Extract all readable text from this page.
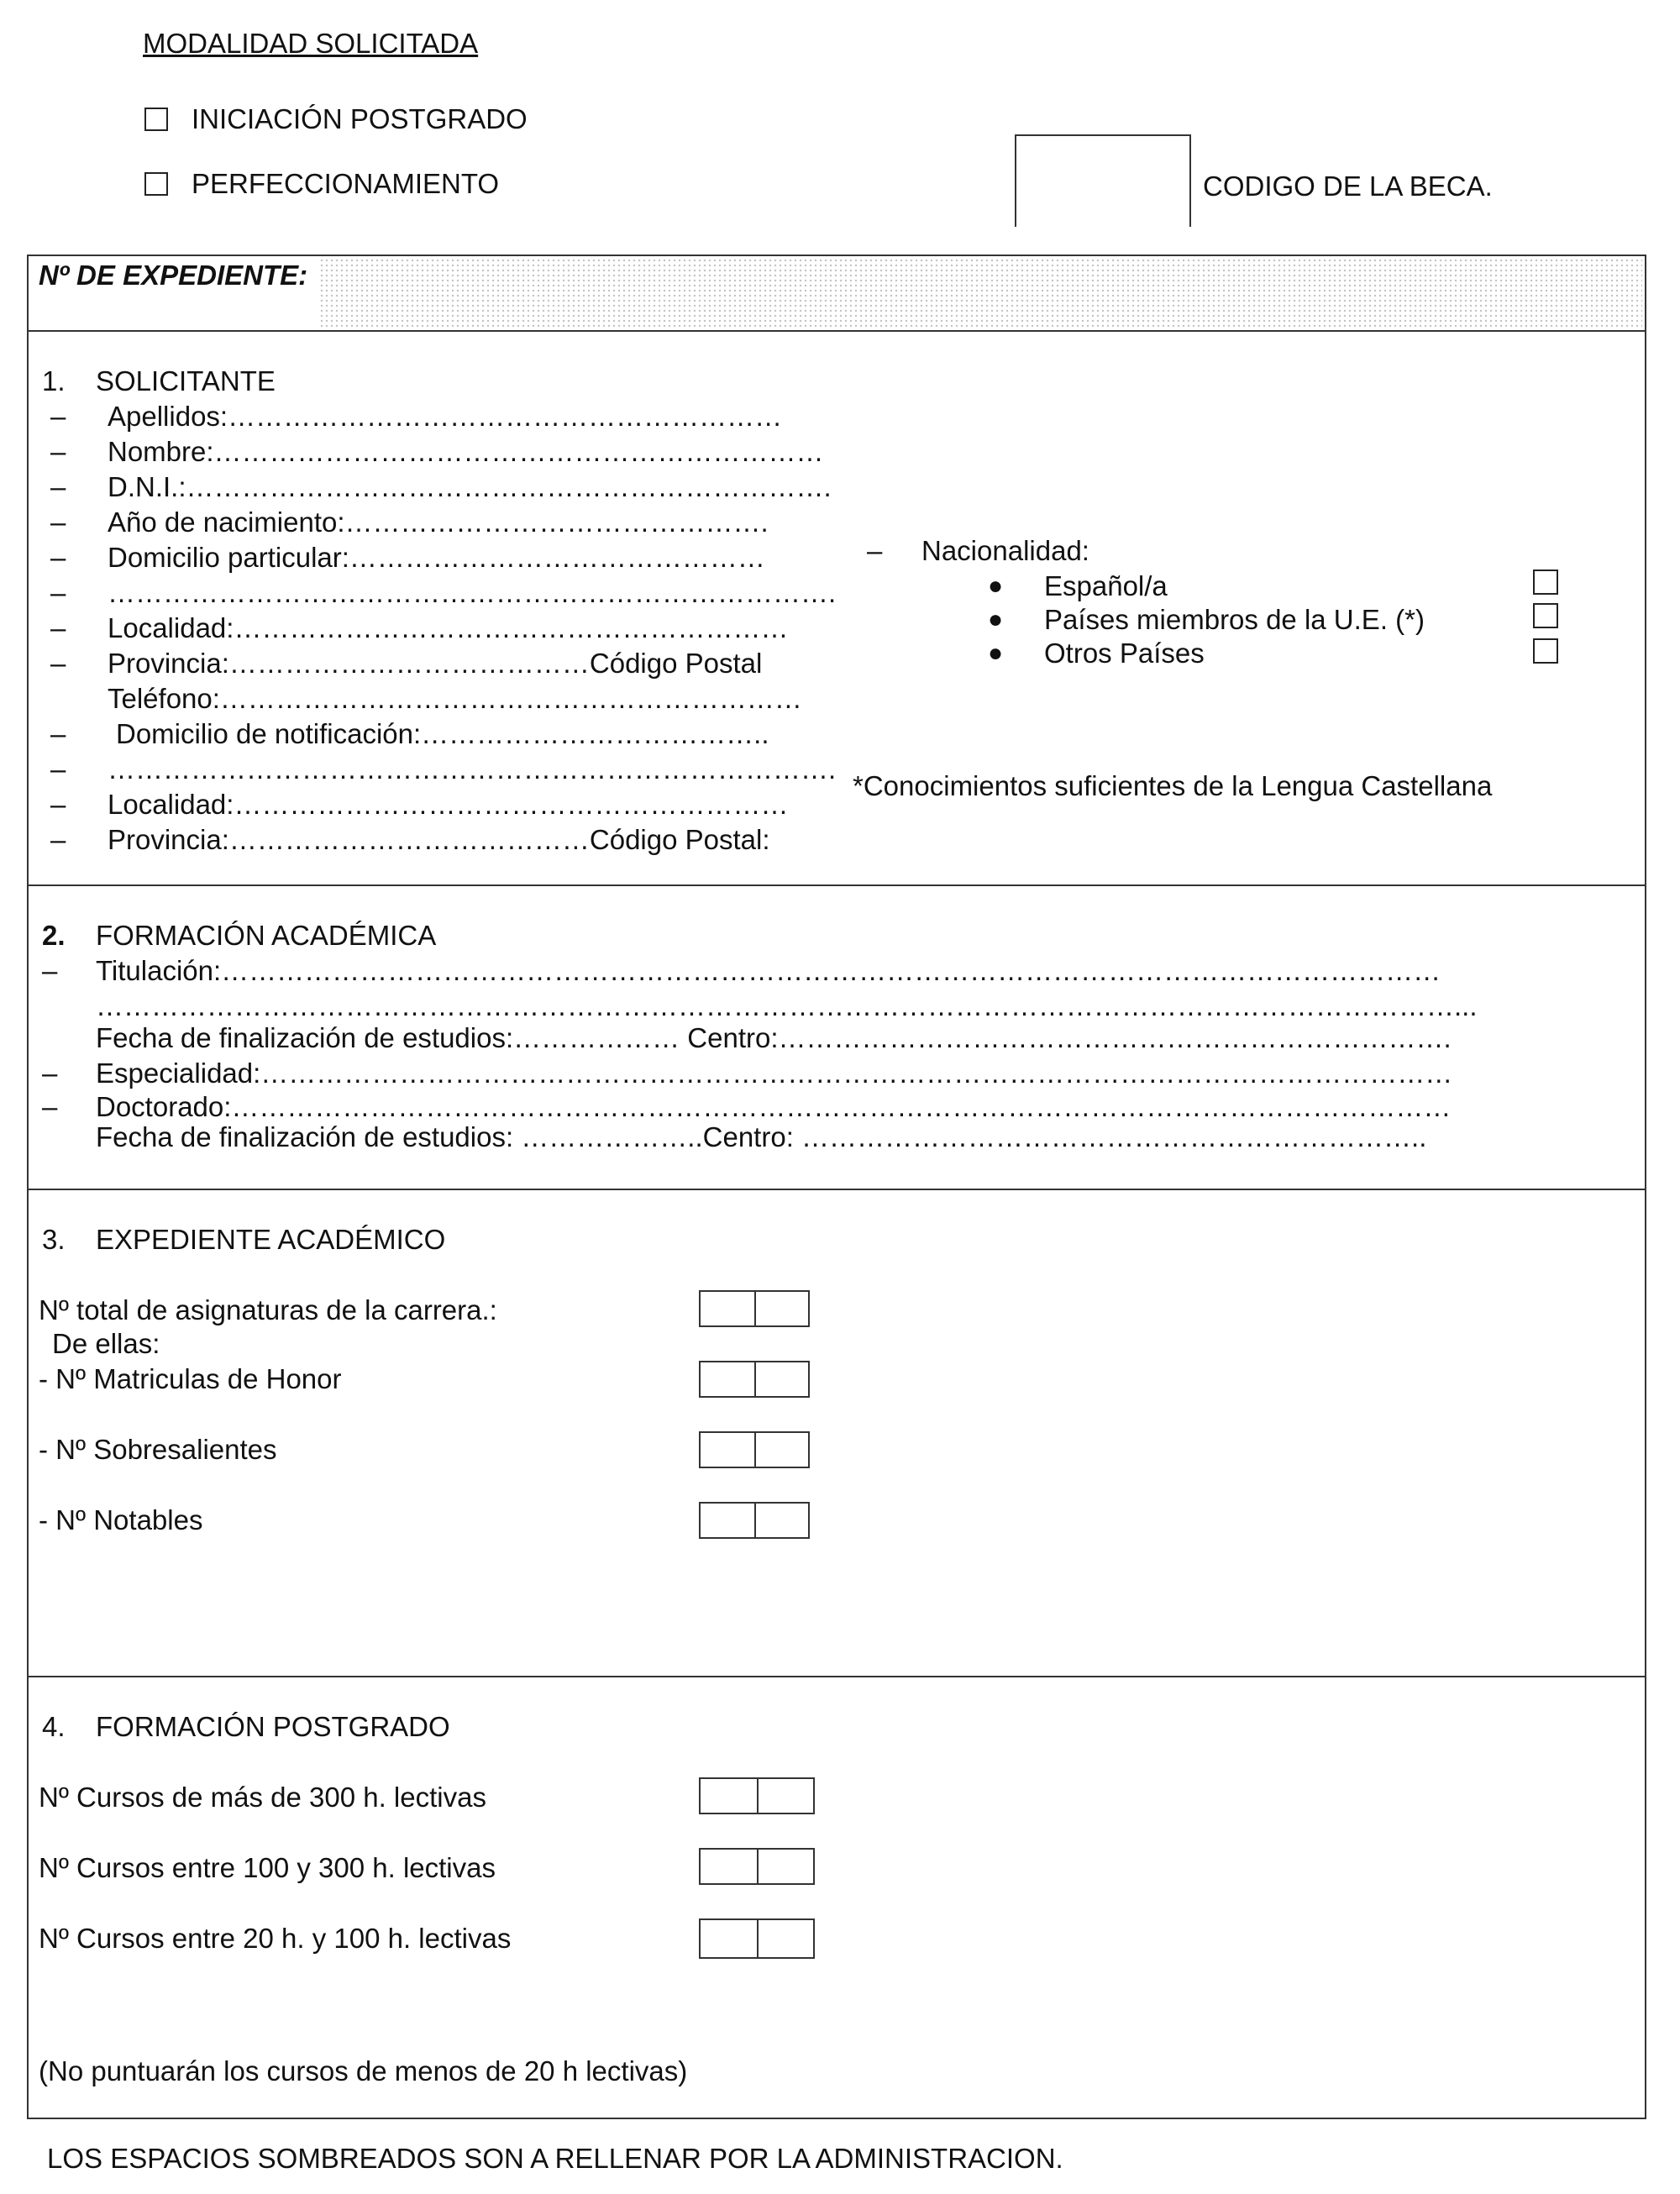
MODALIDAD SOLICITADA
INICIACIÓN POSTGRADO
PERFECCIONAMIENTO	CODIGO DE LA BECA.
Nº DE EXPEDIENTE:
1. SOLICITANTE
– Apellidos:……………………………………………………
– Nombre:…………………………………………………………
– D.N.I.:…………………………………………………………….
– Año de nacimiento:……………………………………….
– Domicilio particular:………………………………………
– …………………………………………………………………….
– Localidad:……………………………………………………
– Provincia:…………………………………Código Postal
Teléfono:………………………………………………………
– Domicilio de notificación:………………………………..
– …………………………………………………………………….
– Localidad:……………………………………………………
– Provincia:…………………………………Código Postal:
– Nacionalidad:
● Español/a
● Países miembros de la U.E. (*)
● Otros Países
*Conocimientos suficientes de la Lengua Castellana
2. FORMACIÓN ACADÉMICA
– Titulación:……………………………………………………………………………………………………………………
…………………………………………………………………………………………………………………………………...
Fecha de finalización de estudios:……………… Centro:……………………………………………………………….
– Especialidad:…………………………………………………………………………………………………………………
– Doctorado:……………………………………………………………………………………………………………………
Fecha de finalización de estudios: ………………..Centro: …………………………………………………………..
3. EXPEDIENTE ACADÉMICO
Nº total de asignaturas de la carrera.:
De ellas:
- Nº Matriculas de Honor
- Nº Sobresalientes
- Nº Notables
4. FORMACIÓN POSTGRADO
Nº Cursos de más de 300 h. lectivas
Nº Cursos entre 100 y 300 h. lectivas
Nº Cursos entre 20 h. y 100 h. lectivas
(No puntuarán los cursos de menos de 20 h lectivas)
LOS ESPACIOS SOMBREADOS SON A RELLENAR POR LA ADMINISTRACION.
